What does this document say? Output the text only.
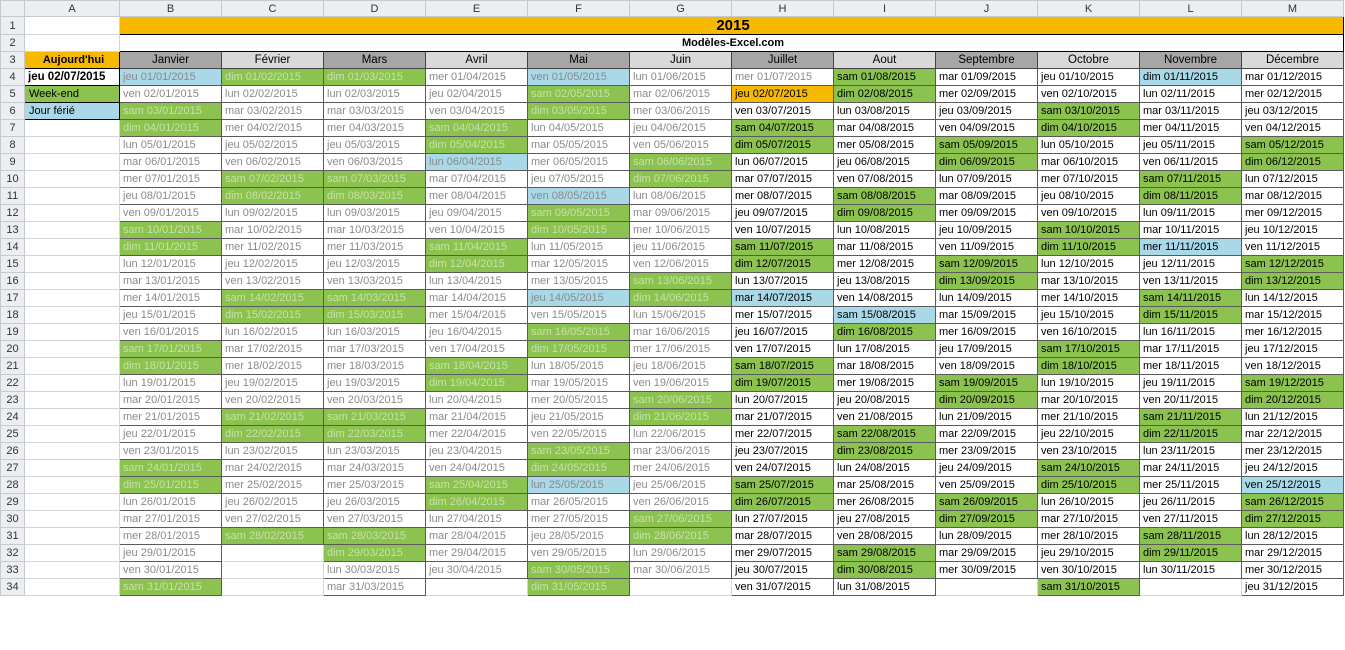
	A	B	C	D	E	F	G	H	I	J	K	L	M
1		2015											
2		Modèles-Excel.com											
3	Aujourd'hui	Janvier	Février	Mars	Avril	Mai	Juin	Juillet	Aout	Septembre	Octobre	Novembre	Décembre
4	jeu 02/07/2015	jeu 01/01/2015	dim 01/02/2015	dim 01/03/2015	mer 01/04/2015	ven 01/05/2015	lun 01/06/2015	mer 01/07/2015	sam 01/08/2015	mar 01/09/2015	jeu 01/10/2015	dim 01/11/2015	mar 01/12/2015
5	Week-end	ven 02/01/2015	lun 02/02/2015	lun 02/03/2015	jeu 02/04/2015	sam 02/05/2015	mar 02/06/2015	jeu 02/07/2015	dim 02/08/2015	mer 02/09/2015	ven 02/10/2015	lun 02/11/2015	mer 02/12/2015
6	Jour férié	sam 03/01/2015	mar 03/02/2015	mar 03/03/2015	ven 03/04/2015	dim 03/05/2015	mer 03/06/2015	ven 03/07/2015	lun 03/08/2015	jeu 03/09/2015	sam 03/10/2015	mar 03/11/2015	jeu 03/12/2015
7		dim 04/01/2015	mer 04/02/2015	mer 04/03/2015	sam 04/04/2015	lun 04/05/2015	jeu 04/06/2015	sam 04/07/2015	mar 04/08/2015	ven 04/09/2015	dim 04/10/2015	mer 04/11/2015	ven 04/12/2015
8		lun 05/01/2015	jeu 05/02/2015	jeu 05/03/2015	dim 05/04/2015	mar 05/05/2015	ven 05/06/2015	dim 05/07/2015	mer 05/08/2015	sam 05/09/2015	lun 05/10/2015	jeu 05/11/2015	sam 05/12/2015
9		mar 06/01/2015	ven 06/02/2015	ven 06/03/2015	lun 06/04/2015	mer 06/05/2015	sam 06/06/2015	lun 06/07/2015	jeu 06/08/2015	dim 06/09/2015	mar 06/10/2015	ven 06/11/2015	dim 06/12/2015
10		mer 07/01/2015	sam 07/02/2015	sam 07/03/2015	mar 07/04/2015	jeu 07/05/2015	dim 07/06/2015	mar 07/07/2015	ven 07/08/2015	lun 07/09/2015	mer 07/10/2015	sam 07/11/2015	lun 07/12/2015
11		jeu 08/01/2015	dim 08/02/2015	dim 08/03/2015	mer 08/04/2015	ven 08/05/2015	lun 08/06/2015	mer 08/07/2015	sam 08/08/2015	mar 08/09/2015	jeu 08/10/2015	dim 08/11/2015	mar 08/12/2015
12		ven 09/01/2015	lun 09/02/2015	lun 09/03/2015	jeu 09/04/2015	sam 09/05/2015	mar 09/06/2015	jeu 09/07/2015	dim 09/08/2015	mer 09/09/2015	ven 09/10/2015	lun 09/11/2015	mer 09/12/2015
13		sam 10/01/2015	mar 10/02/2015	mar 10/03/2015	ven 10/04/2015	dim 10/05/2015	mer 10/06/2015	ven 10/07/2015	lun 10/08/2015	jeu 10/09/2015	sam 10/10/2015	mar 10/11/2015	jeu 10/12/2015
14		dim 11/01/2015	mer 11/02/2015	mer 11/03/2015	sam 11/04/2015	lun 11/05/2015	jeu 11/06/2015	sam 11/07/2015	mar 11/08/2015	ven 11/09/2015	dim 11/10/2015	mer 11/11/2015	ven 11/12/2015
15		lun 12/01/2015	jeu 12/02/2015	jeu 12/03/2015	dim 12/04/2015	mar 12/05/2015	ven 12/06/2015	dim 12/07/2015	mer 12/08/2015	sam 12/09/2015	lun 12/10/2015	jeu 12/11/2015	sam 12/12/2015
16		mar 13/01/2015	ven 13/02/2015	ven 13/03/2015	lun 13/04/2015	mer 13/05/2015	sam 13/06/2015	lun 13/07/2015	jeu 13/08/2015	dim 13/09/2015	mar 13/10/2015	ven 13/11/2015	dim 13/12/2015
17		mer 14/01/2015	sam 14/02/2015	sam 14/03/2015	mar 14/04/2015	jeu 14/05/2015	dim 14/06/2015	mar 14/07/2015	ven 14/08/2015	lun 14/09/2015	mer 14/10/2015	sam 14/11/2015	lun 14/12/2015
18		jeu 15/01/2015	dim 15/02/2015	dim 15/03/2015	mer 15/04/2015	ven 15/05/2015	lun 15/06/2015	mer 15/07/2015	sam 15/08/2015	mar 15/09/2015	jeu 15/10/2015	dim 15/11/2015	mar 15/12/2015
19		ven 16/01/2015	lun 16/02/2015	lun 16/03/2015	jeu 16/04/2015	sam 16/05/2015	mar 16/06/2015	jeu 16/07/2015	dim 16/08/2015	mer 16/09/2015	ven 16/10/2015	lun 16/11/2015	mer 16/12/2015
20		sam 17/01/2015	mar 17/02/2015	mar 17/03/2015	ven 17/04/2015	dim 17/05/2015	mer 17/06/2015	ven 17/07/2015	lun 17/08/2015	jeu 17/09/2015	sam 17/10/2015	mar 17/11/2015	jeu 17/12/2015
21		dim 18/01/2015	mer 18/02/2015	mer 18/03/2015	sam 18/04/2015	lun 18/05/2015	jeu 18/06/2015	sam 18/07/2015	mar 18/08/2015	ven 18/09/2015	dim 18/10/2015	mer 18/11/2015	ven 18/12/2015
22		lun 19/01/2015	jeu 19/02/2015	jeu 19/03/2015	dim 19/04/2015	mar 19/05/2015	ven 19/06/2015	dim 19/07/2015	mer 19/08/2015	sam 19/09/2015	lun 19/10/2015	jeu 19/11/2015	sam 19/12/2015
23		mar 20/01/2015	ven 20/02/2015	ven 20/03/2015	lun 20/04/2015	mer 20/05/2015	sam 20/06/2015	lun 20/07/2015	jeu 20/08/2015	dim 20/09/2015	mar 20/10/2015	ven 20/11/2015	dim 20/12/2015
24		mer 21/01/2015	sam 21/02/2015	sam 21/03/2015	mar 21/04/2015	jeu 21/05/2015	dim 21/06/2015	mar 21/07/2015	ven 21/08/2015	lun 21/09/2015	mer 21/10/2015	sam 21/11/2015	lun 21/12/2015
25		jeu 22/01/2015	dim 22/02/2015	dim 22/03/2015	mer 22/04/2015	ven 22/05/2015	lun 22/06/2015	mer 22/07/2015	sam 22/08/2015	mar 22/09/2015	jeu 22/10/2015	dim 22/11/2015	mar 22/12/2015
26		ven 23/01/2015	lun 23/02/2015	lun 23/03/2015	jeu 23/04/2015	sam 23/05/2015	mar 23/06/2015	jeu 23/07/2015	dim 23/08/2015	mer 23/09/2015	ven 23/10/2015	lun 23/11/2015	mer 23/12/2015
27		sam 24/01/2015	mar 24/02/2015	mar 24/03/2015	ven 24/04/2015	dim 24/05/2015	mer 24/06/2015	ven 24/07/2015	lun 24/08/2015	jeu 24/09/2015	sam 24/10/2015	mar 24/11/2015	jeu 24/12/2015
28		dim 25/01/2015	mer 25/02/2015	mer 25/03/2015	sam 25/04/2015	lun 25/05/2015	jeu 25/06/2015	sam 25/07/2015	mar 25/08/2015	ven 25/09/2015	dim 25/10/2015	mer 25/11/2015	ven 25/12/2015
29		lun 26/01/2015	jeu 26/02/2015	jeu 26/03/2015	dim 26/04/2015	mar 26/05/2015	ven 26/06/2015	dim 26/07/2015	mer 26/08/2015	sam 26/09/2015	lun 26/10/2015	jeu 26/11/2015	sam 26/12/2015
30		mar 27/01/2015	ven 27/02/2015	ven 27/03/2015	lun 27/04/2015	mer 27/05/2015	sam 27/06/2015	lun 27/07/2015	jeu 27/08/2015	dim 27/09/2015	mar 27/10/2015	ven 27/11/2015	dim 27/12/2015
31		mer 28/01/2015	sam 28/02/2015	sam 28/03/2015	mar 28/04/2015	jeu 28/05/2015	dim 28/06/2015	mar 28/07/2015	ven 28/08/2015	lun 28/09/2015	mer 28/10/2015	sam 28/11/2015	lun 28/12/2015
32		jeu 29/01/2015		dim 29/03/2015	mer 29/04/2015	ven 29/05/2015	lun 29/06/2015	mer 29/07/2015	sam 29/08/2015	mar 29/09/2015	jeu 29/10/2015	dim 29/11/2015	mar 29/12/2015
33		ven 30/01/2015		lun 30/03/2015	jeu 30/04/2015	sam 30/05/2015	mar 30/06/2015	jeu 30/07/2015	dim 30/08/2015	mer 30/09/2015	ven 30/10/2015	lun 30/11/2015	mer 30/12/2015
34		sam 31/01/2015		mar 31/03/2015		dim 31/05/2015		ven 31/07/2015	lun 31/08/2015		sam 31/10/2015		jeu 31/12/2015
